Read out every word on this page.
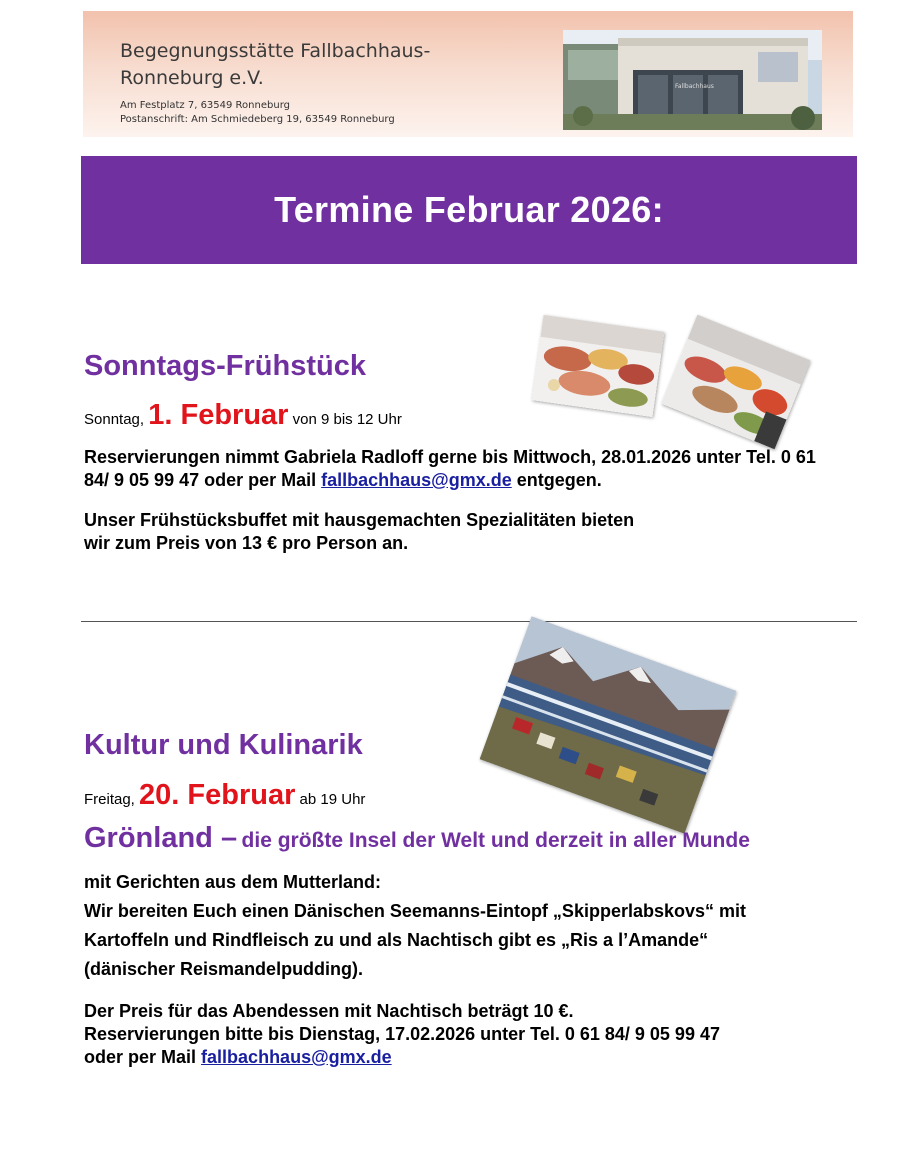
Begegnungsstätte Fallbachhaus-
Ronneburg e.V.

Am Festplatz 7, 63549 Ronneburg
Postanschrift: Am Schmiedeberg 19, 63549 Ronneburg

Fallbachhaus
Termine Februar 2026:
Sonntags-Frühstück

Sonntag, 1. Februar von 9 bis 12 Uhr

Reservierungen nimmt Gabriela Radloff gerne bis Mittwoch, 28.01.2026 unter Tel. 0 61 84/ 9 05 99 47 oder per Mail fallbachhaus@gmx.de entgegen.

Unser Frühstücksbuffet mit hausgemachten Spezialitäten bieten
wir zum Preis von 13 € pro Person an.

Kultur und Kulinarik

Freitag, 20. Februar ab 19 Uhr

Grönland – die größte Insel der Welt und derzeit in aller Munde

mit Gerichten aus dem Mutterland:
Wir bereiten Euch einen Dänischen Seemanns-Eintopf „Skipperlabskovs“ mit
Kartoffeln und Rindfleisch zu und als Nachtisch gibt es „Ris a l’Amande“
(dänischer Reismandelpudding).

Der Preis für das Abendessen mit Nachtisch beträgt 10 €.
Reservierungen bitte bis Dienstag, 17.02.2026 unter Tel. 0 61 84/ 9 05 99 47
oder per Mail fallbachhaus@gmx.de
